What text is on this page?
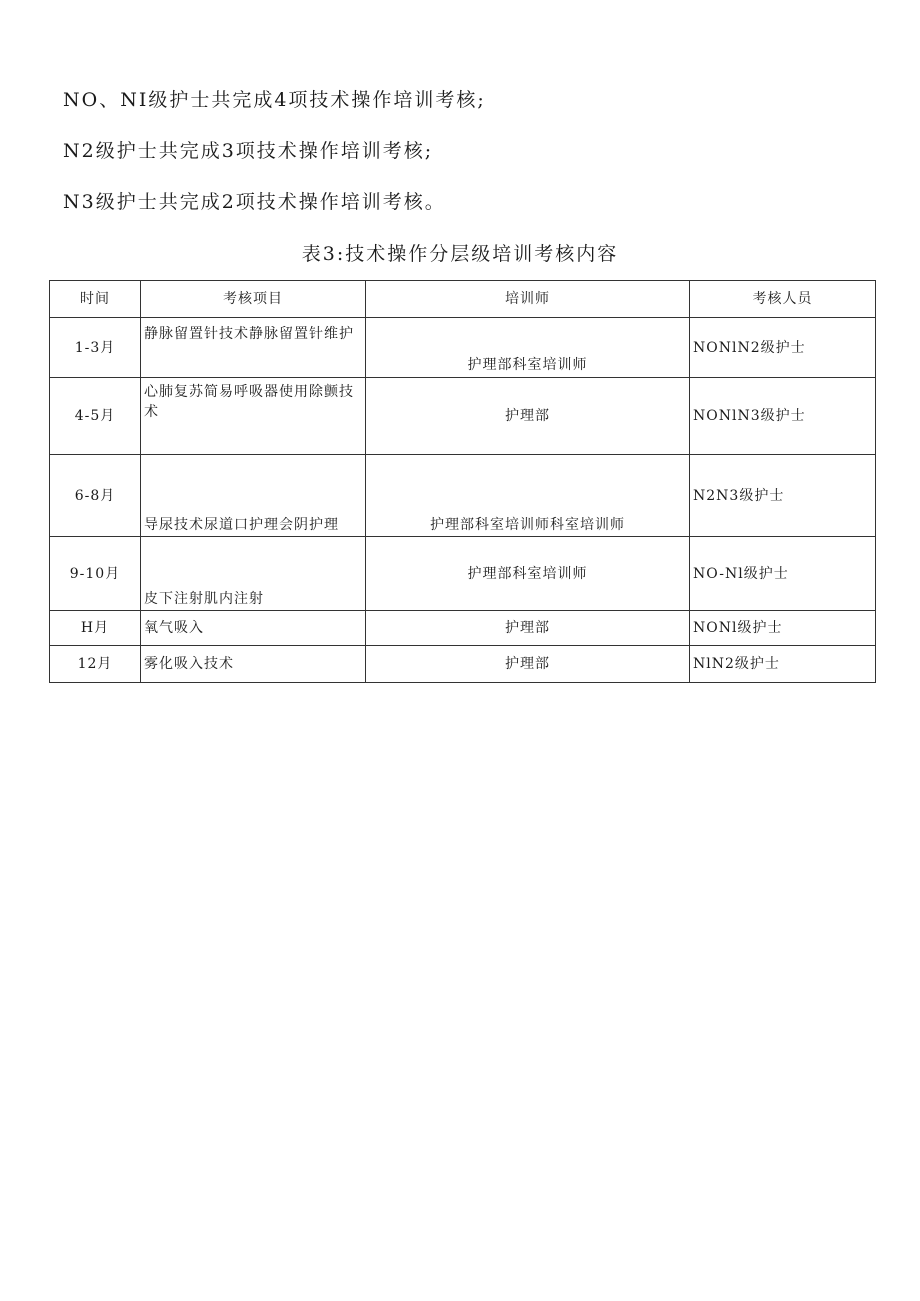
NO、NI级护士共完成4项技术操作培训考核;
N2级护士共完成3项技术操作培训考核;
N3级护士共完成2项技术操作培训考核。
表3:技术操作分层级培训考核内容
时间	考核项目	培训师	考核人员
1-3月	静脉留置针技术静脉留置针维护	护理部科室培训师	NONlN2级护士
4-5月	心肺复苏简易呼吸器使用除颤技术	护理部	NONlN3级护士
6-8月	导尿技术尿道口护理会阴护理	护理部科室培训师科室培训师	N2N3级护士
9-10月	皮下注射肌内注射	护理部科室培训师	NO-Nl级护士
H月	氧气吸入	护理部	NONl级护士
12月	雾化吸入技术	护理部	NlN2级护士
